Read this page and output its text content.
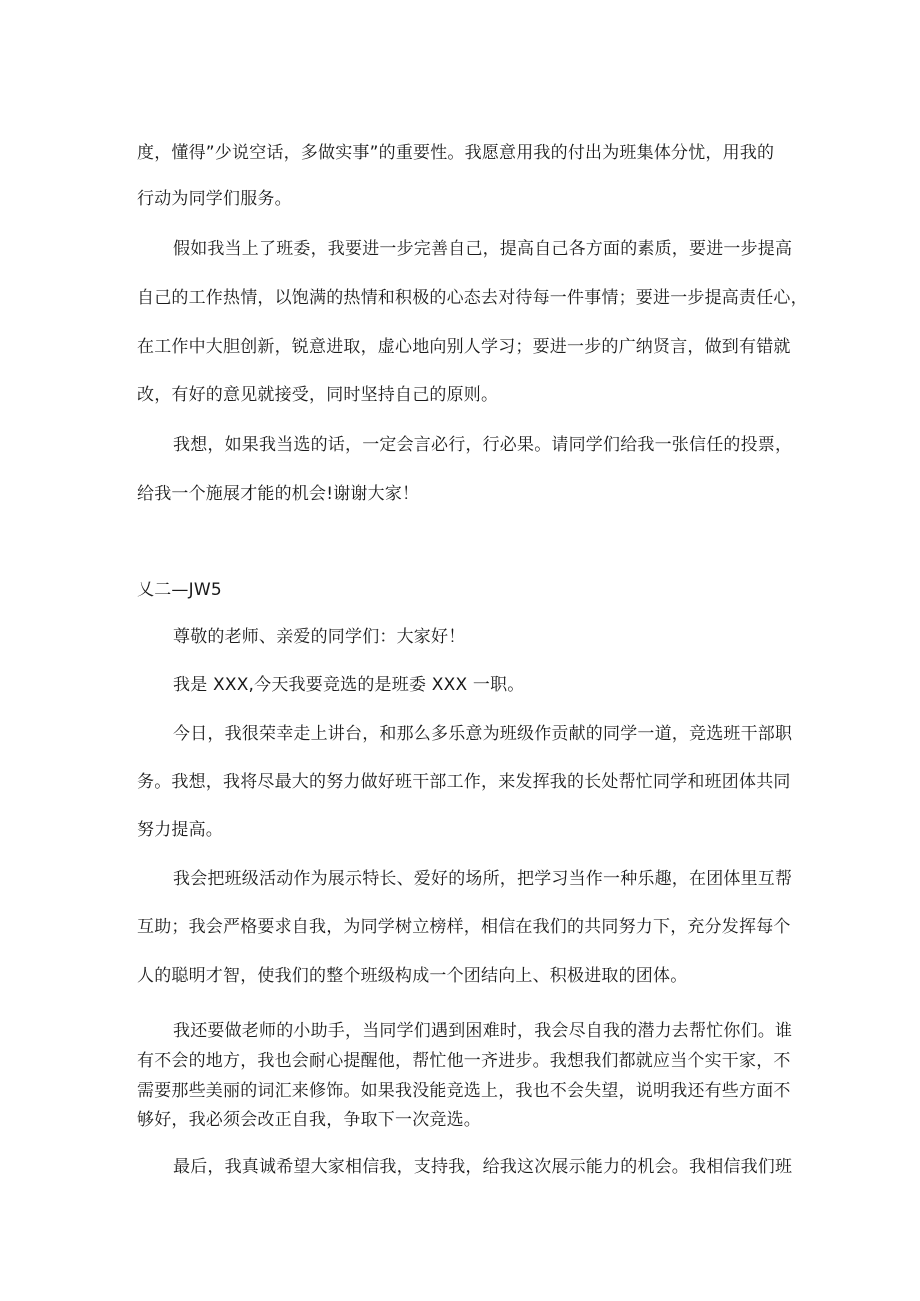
度，懂得”少说空话，多做实事”的重要性。我愿意用我的付出为班集体分忧，用我的
行动为同学们服务。
假如我当上了班委，我要进一步完善自己，提高自己各方面的素质，要进一步提高
自己的工作热情，以饱满的热情和积极的心态去对待每一件事情；要进一步提高责任心，
在工作中大胆创新，锐意进取，虚心地向别人学习；要进一步的广纳贤言，做到有错就
改，有好的意见就接受，同时坚持自己的原则。
我想，如果我当选的话，一定会言必行，行必果。请同学们给我一张信任的投票，
给我一个施展才能的机会!谢谢大家！
乂二—JW5
尊敬的老师、亲爱的同学们：大家好！
我是 XXX,今天我要竞选的是班委 XXX 一职。
今日，我很荣幸走上讲台，和那么多乐意为班级作贡献的同学一道，竞选班干部职
务。我想，我将尽最大的努力做好班干部工作，来发挥我的长处帮忙同学和班团体共同
努力提高。
我会把班级活动作为展示特长、爱好的场所，把学习当作一种乐趣，在团体里互帮
互助；我会严格要求自我，为同学树立榜样，相信在我们的共同努力下，充分发挥每个
人的聪明才智，使我们的整个班级构成一个团结向上、积极进取的团体。
我还要做老师的小助手，当同学们遇到困难时，我会尽自我的潜力去帮忙你们。谁
有不会的地方，我也会耐心提醒他，帮忙他一齐进步。我想我们都就应当个实干家，不
需要那些美丽的词汇来修饰。如果我没能竞选上，我也不会失望，说明我还有些方面不
够好，我必须会改正自我，争取下一次竞选。
最后，我真诚希望大家相信我，支持我，给我这次展示能力的机会。我相信我们班
